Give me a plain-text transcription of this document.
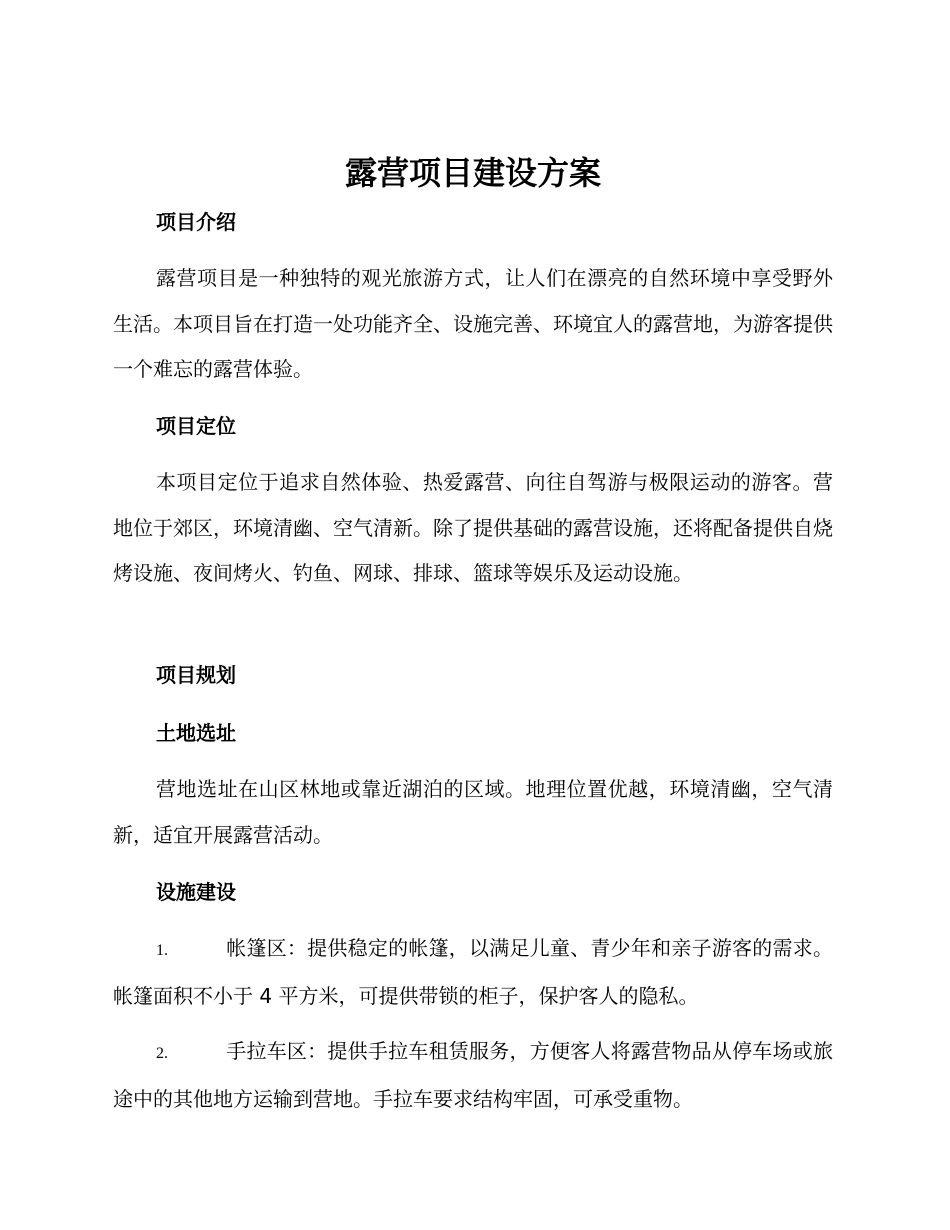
露营项目建设方案
项目介绍

露营项目是一种独特的观光旅游方式，让人们在漂亮的自然环境中享受野外生活。本项目旨在打造一处功能齐全、设施完善、环境宜人的露营地，为游客提供一个难忘的露营体验。

项目定位

本项目定位于追求自然体验、热爱露营、向往自驾游与极限运动的游客。营地位于郊区，环境清幽、空气清新。除了提供基础的露营设施，还将配备提供自烧烤设施、夜间烤火、钓鱼、网球、排球、篮球等娱乐及运动设施。

项目规划
土地选址

营地选址在山区林地或靠近湖泊的区域。地理位置优越，环境清幽，空气清新，适宜开展露营活动。

设施建设

1.	帐篷区：提供稳定的帐篷，以满足儿童、青少年和亲子游客的需求。帐篷面积不小于 4 平方米，可提供带锁的柜子，保护客人的隐私。

2.	手拉车区：提供手拉车租赁服务，方便客人将露营物品从停车场或旅途中的其他地方运输到营地。手拉车要求结构牢固，可承受重物。
